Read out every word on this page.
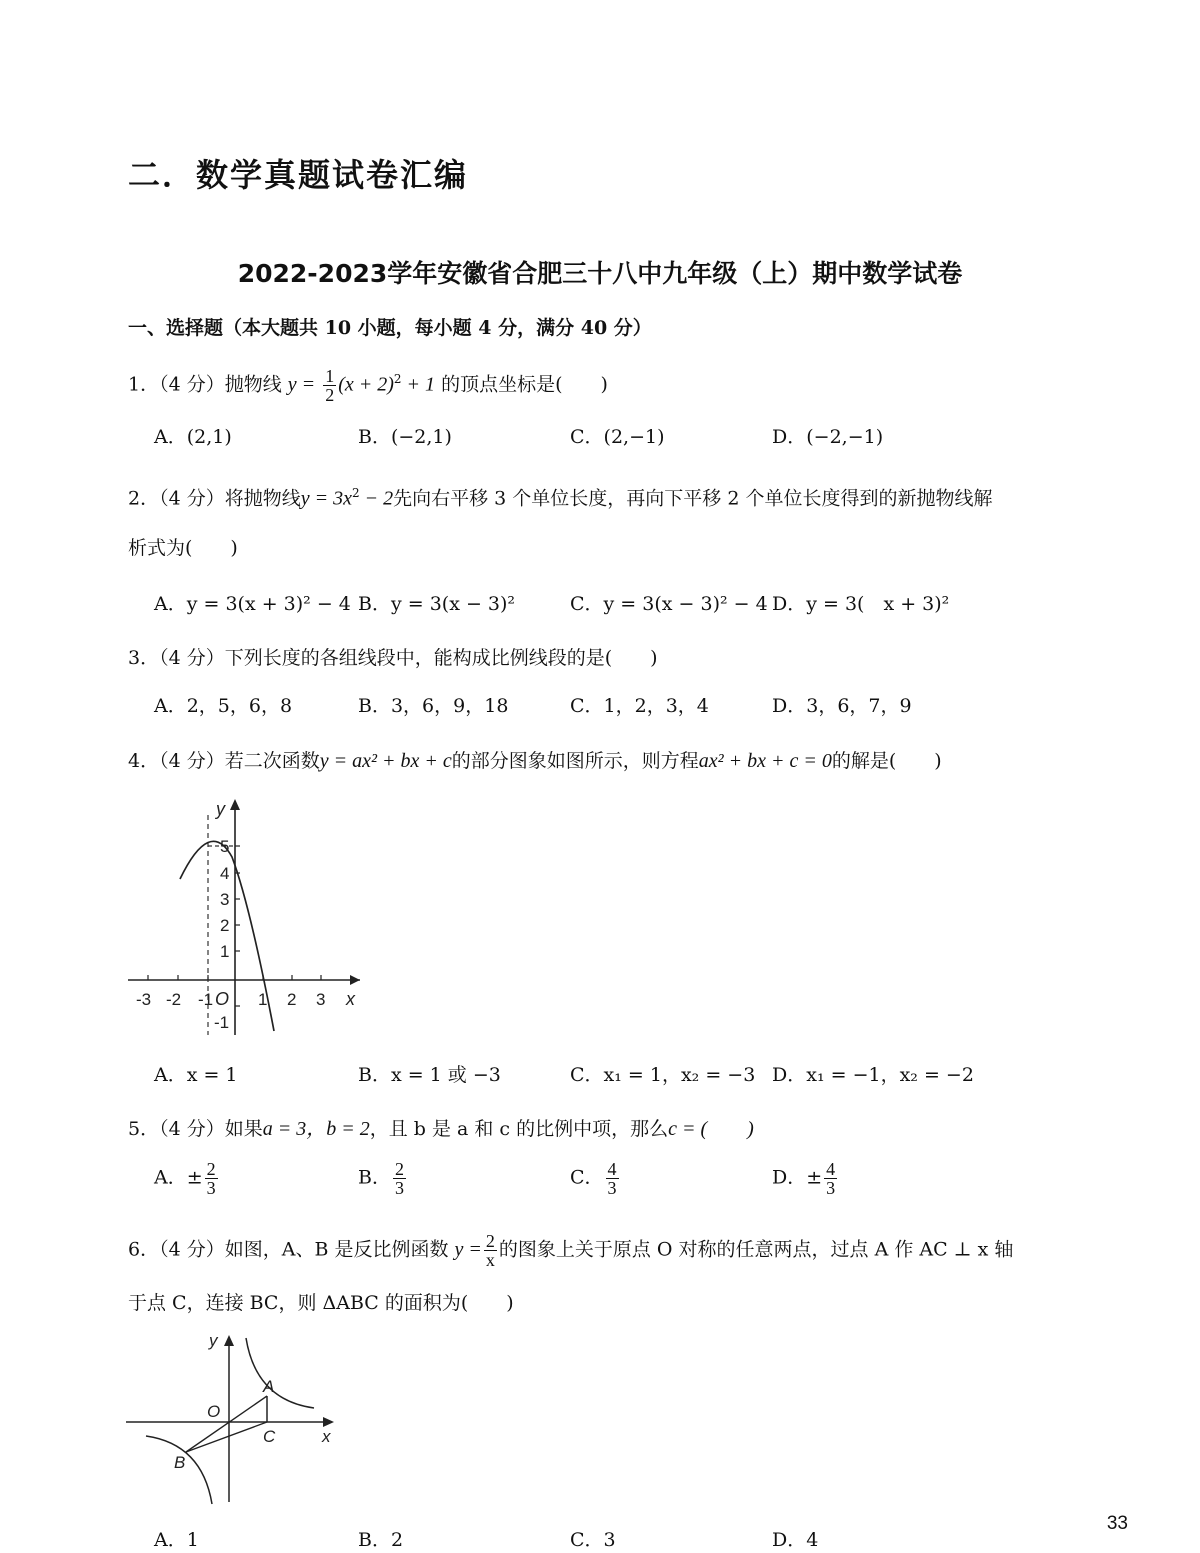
二．数学真题试卷汇编
2022-2023学年安徽省合肥三十八中九年级（上）期中数学试卷
一、选择题（本大题共 10 小题，每小题 4 分，满分 40 分）
1．（4 分）抛物线 $y = \frac{1}{2} (x + 2)^2 + 1$ 的顶点坐标是(　　)
A．(2,1)	B．(−2,1)	C．(2,−1)	D．(−2,−1)
2．（4 分）将抛物线$y = 3x^2 - 2$先向右平移 3 个单位长度，再向下平移 2 个单位长度得到的新抛物线解
析式为(　　)
A．y = 3(x + 3)² − 4 B．y = 3(x − 3)²	C．y = 3(x − 3)² − 4 D．y = 3(　x + 3)²
3．（4 分）下列长度的各组线段中，能构成比例线段的是(　　)
A．2，5，6，8	B．3，6，9，18	C．1，2，3，4	D．3，6，7，9
4．（4 分）若二次函数y = ax² + bx + c的部分图象如图所示，则方程ax² + bx + c = 0的解是(　　)
-3 -2 -1	1 2 3
5
4
3
2
1
-1
O	x
y
A．x = 1	B．x = 1 或 −3	C．x₁ = 1，x₂ = −3 D．x₁ = −1，x₂ = −2
5．（4 分）如果a = 3，b = 2，且 b 是 a 和 c 的比例中项，那么c = (　　)
A．± $\frac{2}{3}$	B． $\frac{2}{3}$	C． $\frac{4}{3}$	D．± $\frac{4}{3}$
6．（4 分）如图，A、B 是反比例函数 $y = \frac{2}{x}$ 的图象上关于原点 O 对称的任意两点，过点 A 作 AC ⊥ x 轴
于点 C，连接 BC，则 ΔABC 的面积为(　　)
y
A
O
C	x
B
A．1	B．2	C．3	D．4
33
